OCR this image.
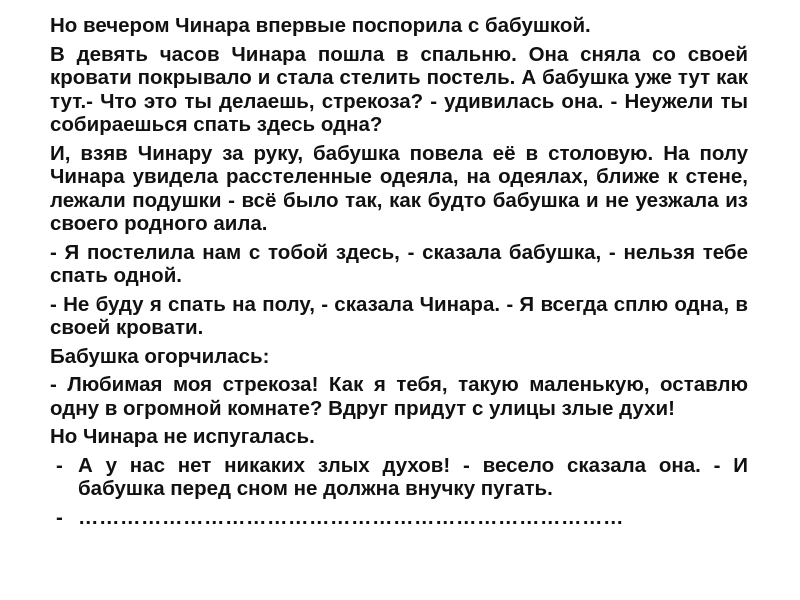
Но вечером Чинара впервые поспорила с бабушкой.

В девять часов Чинара пошла в спальню. Она сняла со своей кровати покрывало и стала стелить постель. А бабушка уже тут как тут.- Что это ты делаешь, стрекоза? - удивилась она. - Неужели ты собираешься спать здесь одна?

И, взяв Чинару за руку, бабушка повела её в столовую. На полу Чинара увидела расстеленные одеяла, на одеялах, ближе к стене, лежали подушки - всё было так, как будто бабушка и не уезжала из своего родного аила.

- Я постелила нам с тобой здесь, - сказала бабушка, - нельзя тебе спать одной.

- Не буду я спать на полу, - сказала Чинара. - Я всегда сплю одна, в своей кровати.

Бабушка огорчилась:

- Любимая моя стрекоза! Как я тебя, такую маленькую, оставлю одну в огромной комнате? Вдруг придут с улицы злые духи!

Но Чинара не испугалась.

- А у нас нет никаких злых духов! - весело сказала она. - И бабушка перед сном не должна внучку пугать.
- ……………………………………………………………………
